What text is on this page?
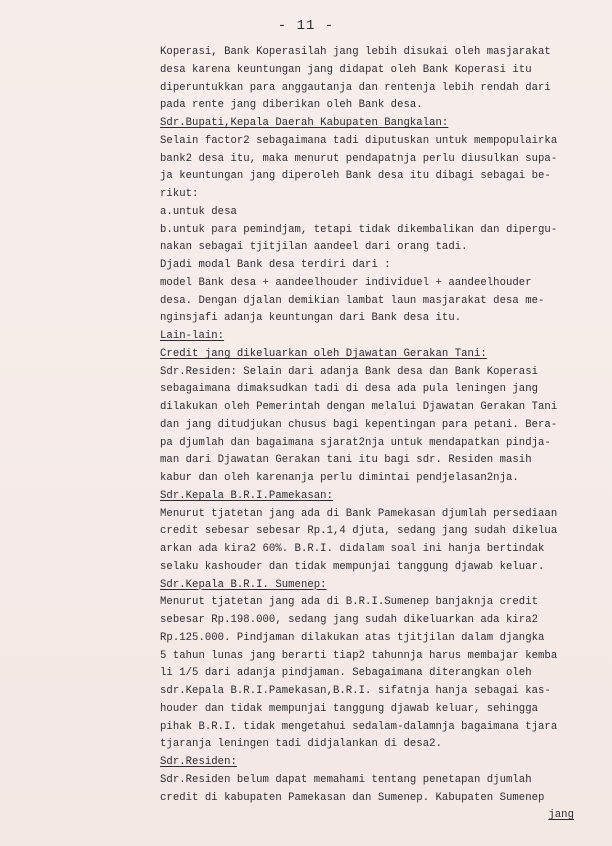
- 11 -
Koperasi, Bank Koperasilah jang lebih disukai oleh masjarakat
desa karena keuntungan jang didapat oleh Bank Koperasi itu
diperuntukkan para anggautanja dan rentenja lebih rendah dari
pada rente jang diberikan oleh Bank desa.
Sdr.Bupati,Kepala Daerah Kabupaten Bangkalan:
Selain factor2 sebagaimana tadi diputuskan untuk mempopulairka
bank2 desa itu, maka menurut pendapatnja perlu diusulkan supa-
ja keuntungan jang diperoleh Bank desa itu dibagi sebagai be-
rikut:
a.untuk desa
b.untuk para pemindjam, tetapi tidak dikembalikan dan dipergu-
nakan sebagai tjitjilan aandeel dari orang tadi.
Djadi modal Bank desa terdiri dari :
model Bank desa + aandeelhouder individuel + aandeelhouder
desa. Dengan djalan demikian lambat laun masjarakat desa me-
nginsjafi adanja keuntungan dari Bank desa itu.
Lain-lain:
Credit jang dikeluarkan oleh Djawatan Gerakan Tani:
Sdr.Residen: Selain dari adanja Bank desa dan Bank Koperasi
sebagaimana dimaksudkan tadi di desa ada pula leningen jang
dilakukan oleh Pemerintah dengan melalui Djawatan Gerakan Tani
dan jang ditudjukan chusus bagi kepentingan para petani. Bera-
pa djumlah dan bagaimana sjarat2nja untuk mendapatkan pindja-
man dari Djawatan Gerakan tani itu bagi sdr. Residen masih
kabur dan oleh karenanja perlu dimintai pendjelasan2nja.
Sdr.Kepala B.R.I.Pamekasan:
Menurut tjatetan jang ada di Bank Pamekasan djumlah persediaan
credit sebesar sebesar Rp.1,4 djuta, sedang jang sudah dikelua
arkan ada kira2 60%. B.R.I. didalam soal ini hanja bertindak
selaku kashouder dan tidak mempunjai tanggung djawab keluar.
Sdr.Kepala B.R.I. Sumenep:
Menurut tjatetan jang ada di B.R.I.Sumenep banjaknja credit
sebesar Rp.198.000, sedang jang sudah dikeluarkan ada kira2
Rp.125.000. Pindjaman dilakukan atas tjitjilan dalam djangka
5 tahun lunas jang berarti tiap2 tahunnja harus membajar kemba
li 1/5 dari adanja pindjaman. Sebagaimana diterangkan oleh
sdr.Kepala B.R.I.Pamekasan,B.R.I. sifatnja hanja sebagai kas-
houder dan tidak mempunjai tanggung djawab keluar, sehingga
pihak B.R.I. tidak mengetahui sedalam-dalamnja bagaimana tjara
tjaranja leningen tadi didjalankan di desa2.
Sdr.Residen:
Sdr.Residen belum dapat memahami tentang penetapan djumlah
credit di kabupaten Pamekasan dan Sumenep. Kabupaten Sumenep
jang
